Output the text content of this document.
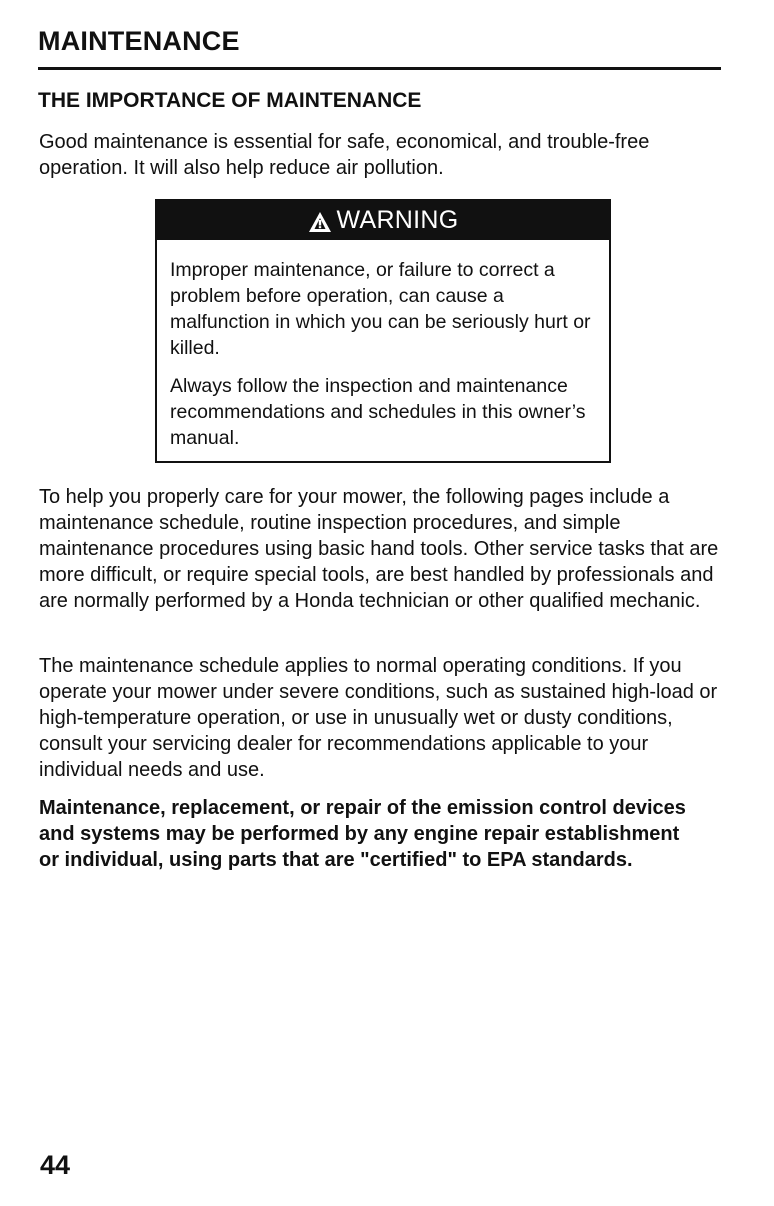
MAINTENANCE
THE IMPORTANCE OF MAINTENANCE

Good maintenance is essential for safe, economical, and trouble-free operation. It will also help reduce air pollution.

WARNING

Improper maintenance, or failure to correct a problem before operation, can cause a malfunction in which you can be seriously hurt or killed.

Always follow the inspection and maintenance recommendations and schedules in this owner’s manual.

To help you properly care for your mower, the following pages include a maintenance schedule, routine inspection procedures, and simple maintenance procedures using basic hand tools. Other service tasks that are more difficult, or require special tools, are best handled by professionals and are normally performed by a Honda technician or other qualified mechanic.

The maintenance schedule applies to normal operating conditions. If you operate your mower under severe conditions, such as sustained high-load or high-temperature operation, or use in unusually wet or dusty conditions, consult your servicing dealer for recommendations applicable to your individual needs and use.

Maintenance, replacement, or repair of the emission control devices and systems may be performed by any engine repair establishment or individual, using parts that are "certified" to EPA standards.

44
